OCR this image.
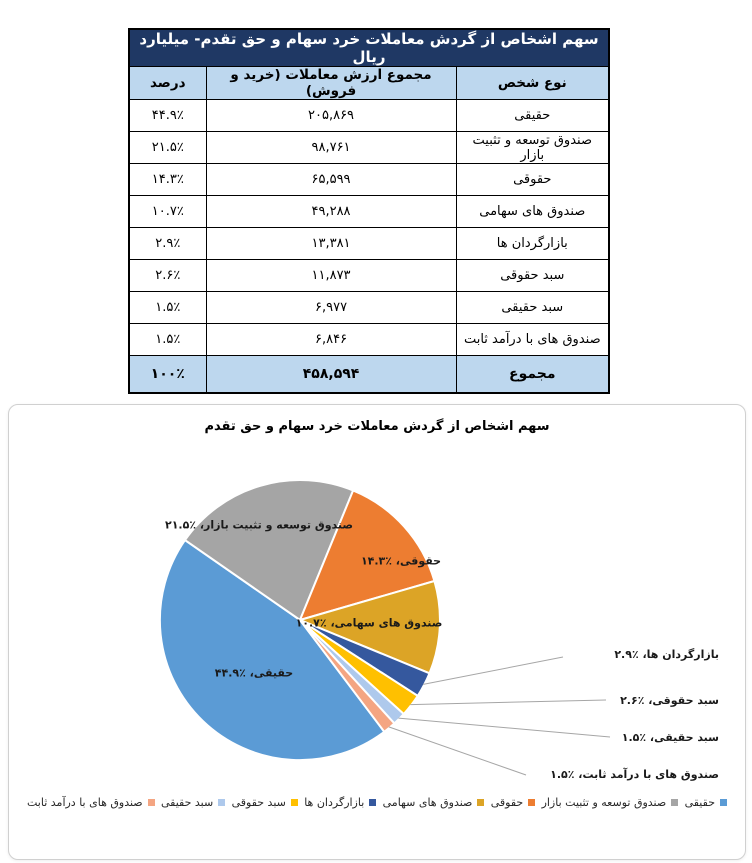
سهم اشخاص از گردش معاملات خرد سهام و حق تقدم- میلیارد ریال		
نوع شخص	مجموع ارزش معاملات (خرید و فروش)	درصد
حقیقی	۲۰۵,۸۶۹	۴۴.۹٪
صندوق توسعه و تثبیت بازار	۹۸,۷۶۱	۲۱.۵٪
حقوقی	۶۵,۵۹۹	۱۴.۳٪
صندوق های سهامی	۴۹,۲۸۸	۱۰.۷٪
بازارگردان ها	۱۳,۳۸۱	۲.۹٪
سبد حقوقی	۱۱,۸۷۳	۲.۶٪
سبد حقیقی	۶,۹۷۷	۱.۵٪
صندوق های با درآمد ثابت	۶,۸۴۶	۱.۵٪
مجموع	۴۵۸,۵۹۴	۱۰۰٪
سهم اشخاص از گردش معاملات خرد سهام و حق تقدم
حقیقی، ٪۴۴.۹
صندوق توسعه و تثبیت بازار، ٪۲۱.۵
حقوقی، ٪۱۴.۳
صندوق های سهامی، ٪۱۰.۷
بازارگردان ها، ٪۲.۹
سبد حقوقی، ٪۲.۶
سبد حقیقی، ٪۱.۵
صندوق های با درآمد ثابت، ٪۱.۵
حقیقی
صندوق توسعه و تثبیت بازار
حقوقی
صندوق های سهامی
بازارگردان ها
سبد حقوقی
سبد حقیقی
صندوق های با درآمد ثابت
